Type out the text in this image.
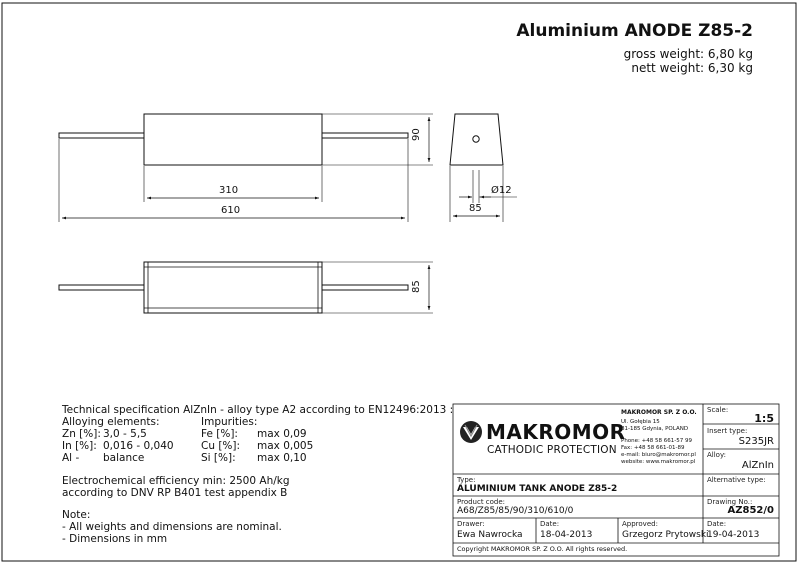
Aluminium ANODE Z85-2
gross weight: 6,80 kg
nett weight: 6,30 kg
310
610
90
85
85
Ø12
Technical specification AlZnIn - alloy type A2 according to EN12496:2013 :
Alloying elements:	Impurities:
Zn [%]: 3,0 - 5,5
In [%]: 0,016 - 0,040
Al - balance
Fe [%]: max 0,09
Cu [%]: max 0,005
Si [%]: max 0,10
Electrochemical efficiency min: 2500 Ah/kg
according to DNV RP B401 test appendix B
Note:
- All weights and dimensions are nominal.
- Dimensions in mm
MAKROMOR
CATHODIC PROTECTION
MAKROMOR SP. Z O.O.
Ul. Gołębia 15
81-185 Gdynia, POLAND
Phone: +48 58 661-57 99
Fax: +48 58 661-01-89
e-mail: biuro@makromor.pl
website: www.makromor.pl
Scale:
1:5
Insert type:
S235JR
Alloy:
AlZnIn
Type:
ALUMINIUM TANK ANODE Z85-2
Alternative type:
Product code:
A68/Z85/85/90/310/610/0
Drawing No.:
AZ852/0
Drawer:
Ewa Nawrocka
Date:
18-04-2013
Approved:
Grzegorz Prytowski
Date:
19-04-2013
Copyright MAKROMOR SP. Z O.O. All rights reserved.
